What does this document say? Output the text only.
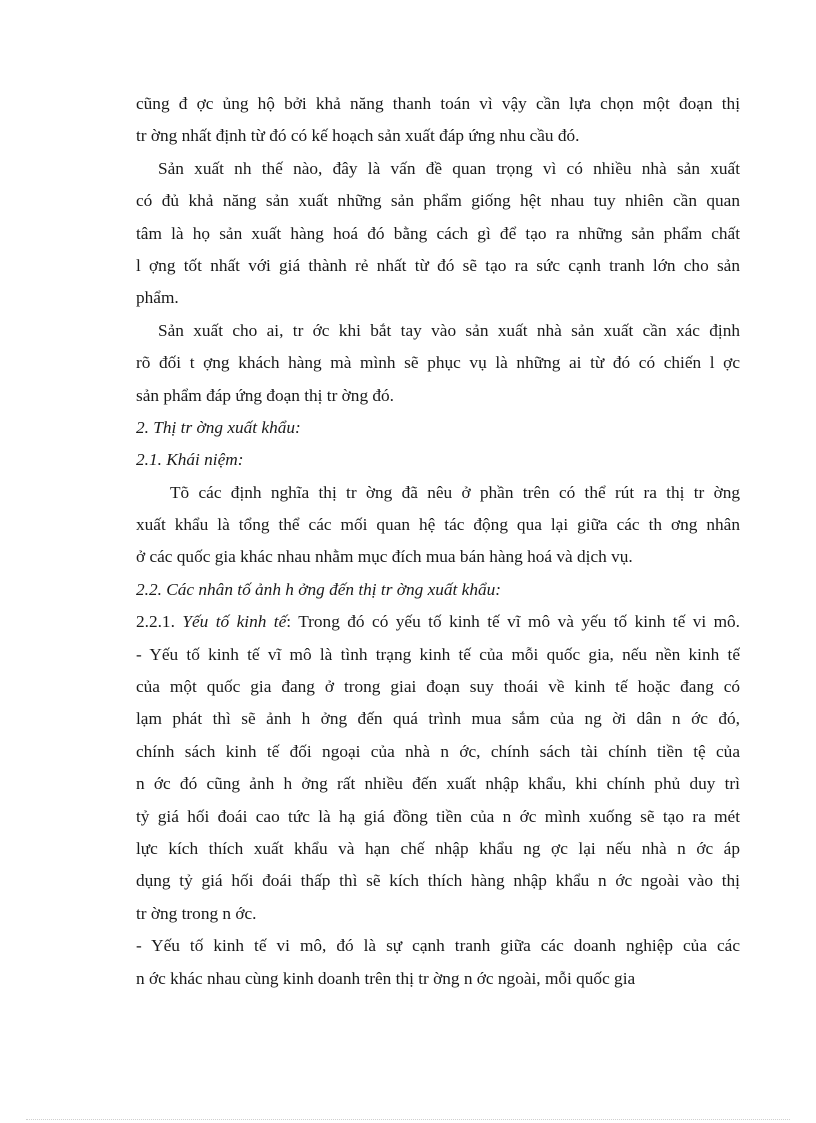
cũng đ ợc ủng hộ bởi khả năng thanh toán vì vậy cần lựa chọn một đoạn thị
tr ờng nhất định từ đó có kế hoạch sản xuất đáp ứng nhu cầu đó.
Sản xuất nh thế nào, đây là vấn đề quan trọng vì có nhiều nhà sản xuất
có đủ khả năng sản xuất những sản phẩm giống hệt nhau tuy nhiên cần quan
tâm là họ sản xuất hàng hoá đó bằng cách gì để tạo ra những sản phẩm chất
l ợng tốt nhất với giá thành rẻ nhất từ đó sẽ tạo ra sức cạnh tranh lớn cho sản
phẩm.
Sản xuất cho ai, tr ớc khi bắt tay vào sản xuất nhà sản xuất cần xác định
rõ đối t ợng khách hàng mà mình sẽ phục vụ là những ai từ đó có chiến l ợc
sản phẩm đáp ứng đoạn thị tr ờng đó.
2. Thị tr ờng xuất khẩu:
2.1. Khái niệm:
Tõ các định nghĩa thị tr ờng đã nêu ở phần trên có thể rút ra thị tr ờng
xuất khẩu là tổng thể các mối quan hệ tác động qua lại giữa các th ơng nhân
ở các quốc gia khác nhau nhằm mục đích mua bán hàng hoá và dịch vụ.
2.2. Các nhân tố ảnh h ởng đến thị tr ờng xuất khẩu:
2.2.1. Yếu tố kinh tế: Trong đó có yếu tố kinh tế vĩ mô và yếu tố kinh tế vi mô.
- Yếu tố kinh tế vĩ mô là tình trạng kinh tế của mỗi quốc gia, nếu nền kinh tế
của một quốc gia đang ở trong giai đoạn suy thoái về kinh tế hoặc đang có
lạm phát thì sẽ ảnh h ởng đến quá trình mua sắm của ng ời dân n ớc đó,
chính sách kinh tế đối ngoại của nhà n ớc, chính sách tài chính tiền tệ của
n ớc đó cũng ảnh h ởng rất nhiều đến xuất nhập khẩu, khi chính phủ duy trì
tỷ giá hối đoái cao tức là hạ giá đồng tiền của n ớc mình xuống sẽ tạo ra mét
lực kích thích xuất khẩu và hạn chế nhập khẩu ng ợc lại nếu nhà n ớc áp
dụng tỷ giá hối đoái thấp thì sẽ kích thích hàng nhập khẩu n ớc ngoài vào thị
tr ờng trong n ớc.
- Yếu tố kinh tế vi mô, đó là sự cạnh tranh giữa các doanh nghiệp của các
n ớc khác nhau cùng kinh doanh trên thị tr ờng n ớc ngoài, mỗi quốc gia
